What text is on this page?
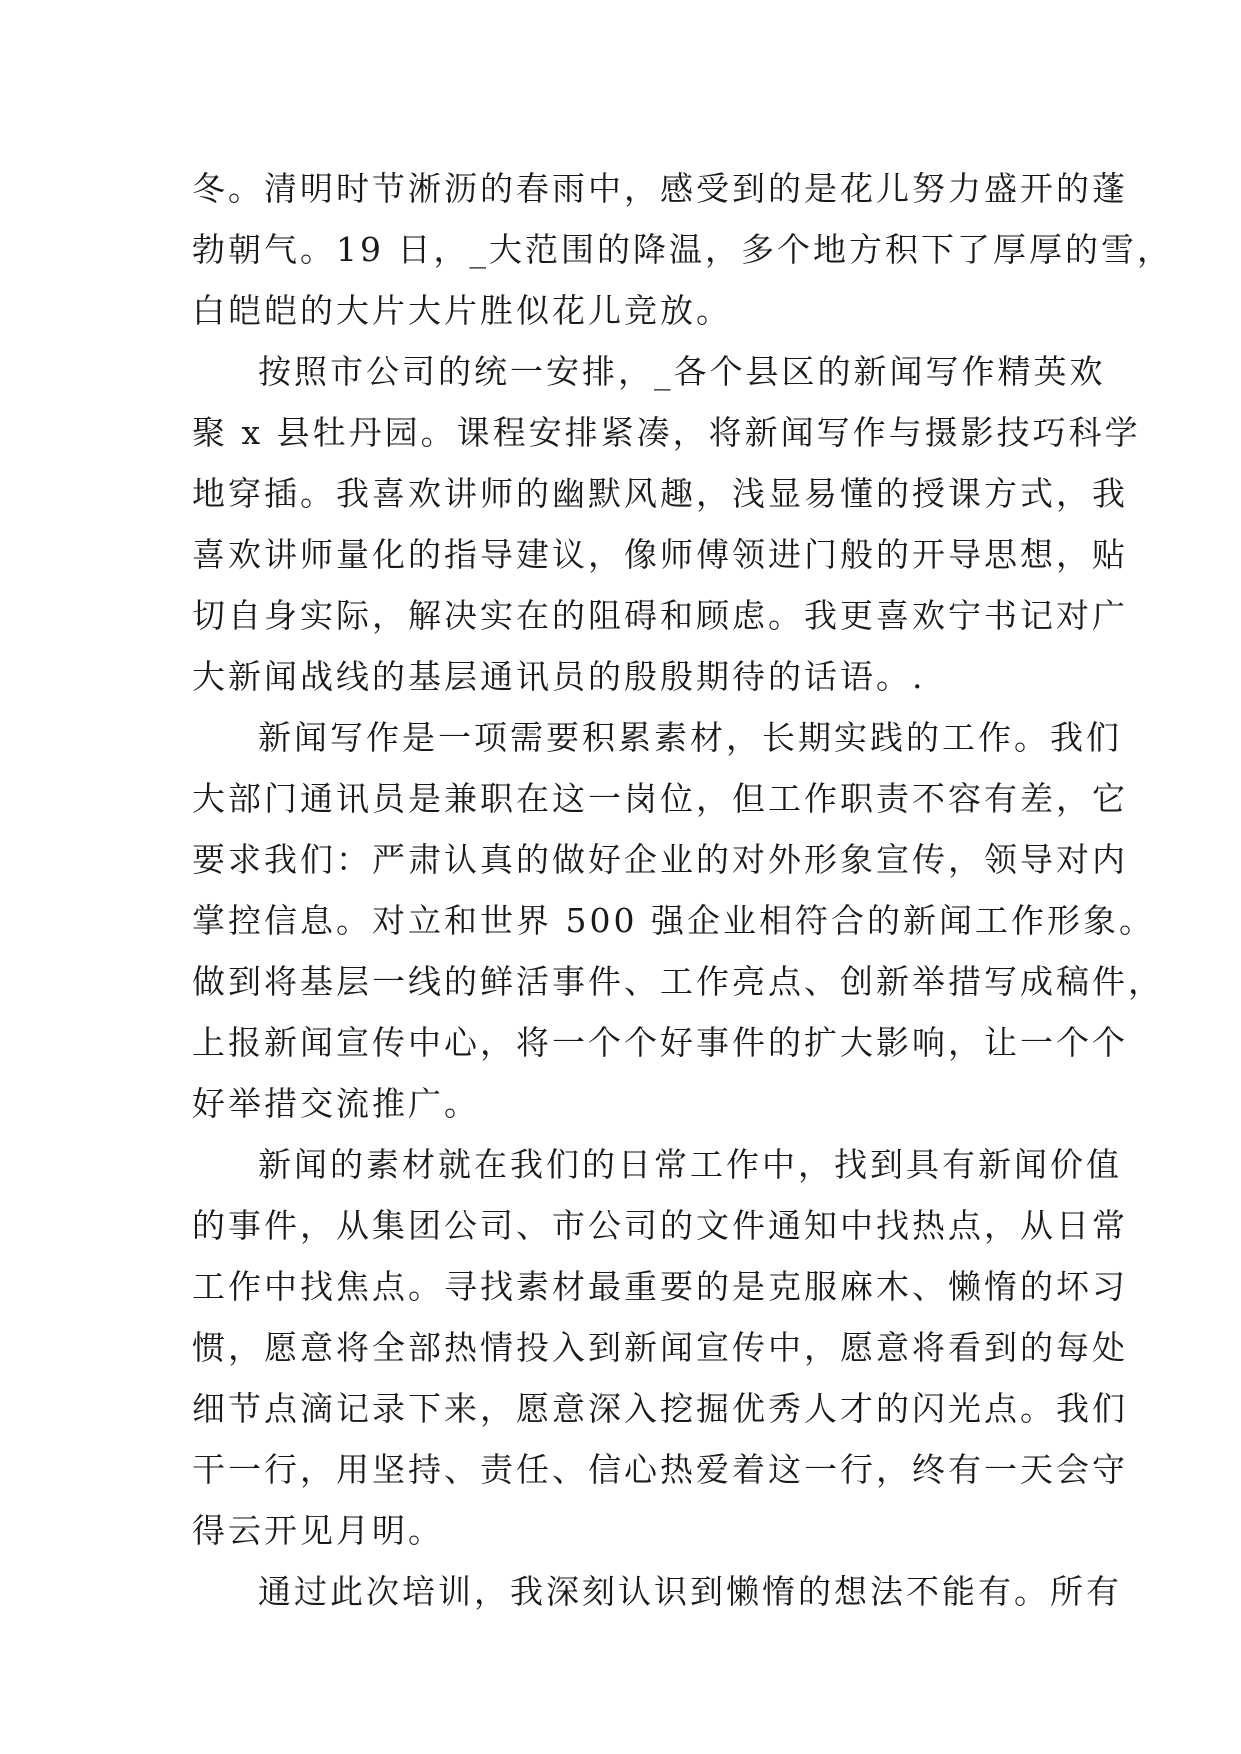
冬。清明时节淅沥的春雨中，感受到的是花儿努力盛开的蓬
勃朝气。19 日，_大范围的降温，多个地方积下了厚厚的雪，
白皑皑的大片大片胜似花儿竞放。

按照市公司的统一安排，_各个县区的新闻写作精英欢
聚 x 县牡丹园。课程安排紧凑，将新闻写作与摄影技巧科学
地穿插。我喜欢讲师的幽默风趣，浅显易懂的授课方式，我
喜欢讲师量化的指导建议，像师傅领进门般的开导思想，贴
切自身实际，解决实在的阻碍和顾虑。我更喜欢宁书记对广
大新闻战线的基层通讯员的殷殷期待的话语。.

新闻写作是一项需要积累素材，长期实践的工作。我们
大部门通讯员是兼职在这一岗位，但工作职责不容有差，它
要求我们：严肃认真的做好企业的对外形象宣传，领导对内
掌控信息。对立和世界 500 强企业相符合的新闻工作形象。
做到将基层一线的鲜活事件、工作亮点、创新举措写成稿件，
上报新闻宣传中心，将一个个好事件的扩大影响，让一个个
好举措交流推广。

新闻的素材就在我们的日常工作中，找到具有新闻价值
的事件，从集团公司、市公司的文件通知中找热点，从日常
工作中找焦点。寻找素材最重要的是克服麻木、懒惰的坏习
惯，愿意将全部热情投入到新闻宣传中，愿意将看到的每处
细节点滴记录下来，愿意深入挖掘优秀人才的闪光点。我们
干一行，用坚持、责任、信心热爱着这一行，终有一天会守
得云开见月明。

通过此次培训，我深刻认识到懒惰的想法不能有。所有
